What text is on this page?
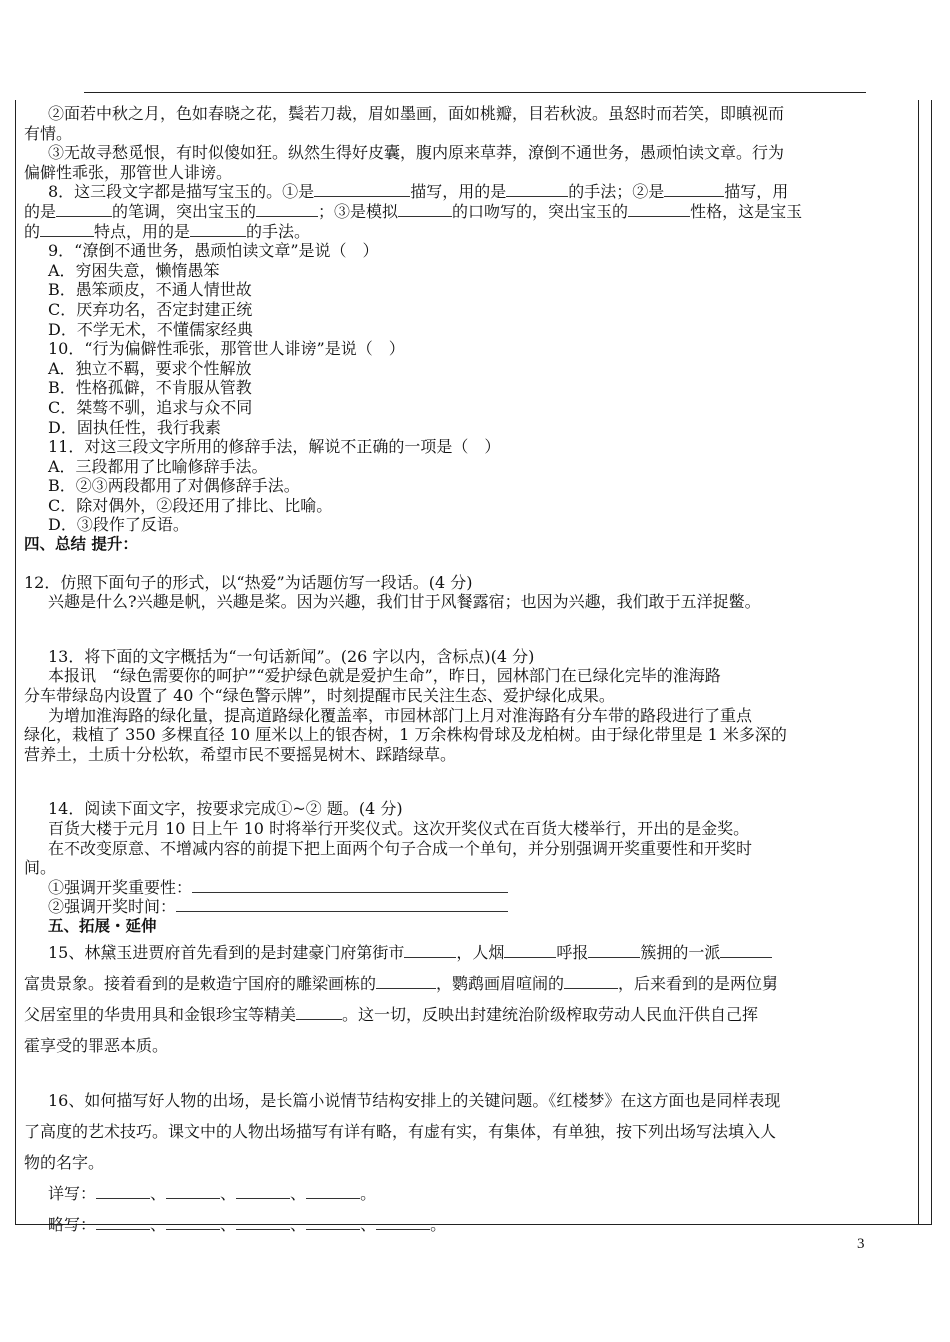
②面若中秋之月，色如春晓之花，鬓若刀裁，眉如墨画，面如桃瓣，目若秋波。虽怒时而若笑，即瞋视而

有情。

③无故寻愁觅恨，有时似傻如狂。纵然生得好皮囊，腹内原来草莽，潦倒不通世务，愚顽怕读文章。行为

偏僻性乖张，那管世人诽谤。

8．这三段文字都是描写宝玉的。①是	描写，用的是	的手法；②是	描写，用

的是	的笔调，突出宝玉的	；③是模拟	的口吻写的，突出宝玉的	性格，这是宝玉

的	特点，用的是	的手法。

9．“潦倒不通世务，愚顽怕读文章”是说（　）

A．穷困失意，懒惰愚笨

B．愚笨顽皮，不通人情世故

C．厌弃功名，否定封建正统

D．不学无术，不懂儒家经典

10．“行为偏僻性乖张，那管世人诽谤”是说（　）

A．独立不羁，要求个性解放

B．性格孤僻，不肯服从管教

C．桀骜不驯，追求与众不同

D．固执任性，我行我素

11．对这三段文字所用的修辞手法，解说不正确的一项是（　）

A．三段都用了比喻修辞手法。

B．②③两段都用了对偶修辞手法。

C．除对偶外，②段还用了排比、比喻。

D．③段作了反语。

四、总结 提升：

12．仿照下面句子的形式，以“热爱”为话题仿写一段话。(4 分)

兴趣是什么?兴趣是帆，兴趣是桨。因为兴趣，我们甘于风餐露宿；也因为兴趣，我们敢于五洋捉鳖。

13．将下面的文字概括为“一句话新闻”。(26 字以内，含标点)(4 分)

本报讯　“绿色需要你的呵护”“爱护绿色就是爱护生命”，昨日，园林部门在已绿化完毕的淮海路

分车带绿岛内设置了 40 个“绿色警示牌”，时刻提醒市民关注生态、爱护绿化成果。

为增加淮海路的绿化量，提高道路绿化覆盖率，市园林部门上月对淮海路有分车带的路段进行了重点

绿化，栽植了 350 多棵直径 10 厘米以上的银杏树，1 万余株构骨球及龙柏树。由于绿化带里是 1 米多深的

营养土，土质十分松软，希望市民不要摇晃树木、踩踏绿草。

14．阅读下面文字，按要求完成①~② 题。(4 分)

百货大楼于元月 10 日上午 10 时将举行开奖仪式。这次开奖仪式在百货大楼举行，开出的是金奖。

在不改变原意、不增减内容的前提下把上面两个句子合成一个单句，并分别强调开奖重要性和开奖时

间。

①强调开奖重要性：

②强调开奖时间：

五、拓展・延伸

15、林黛玉进贾府首先看到的是封建豪门府第街市	，人烟	呼报	簇拥的一派

富贵景象。接着看到的是敕造宁国府的雕梁画栋的	，鹦鹉画眉喧闹的	，后来看到的是两位舅

父居室里的华贵用具和金银珍宝等精美	。这一切，反映出封建统治阶级榨取劳动人民血汗供自己挥

霍享受的罪恶本质。

16、如何描写好人物的出场，是长篇小说情节结构安排上的关键问题。《红楼梦》在这方面也是同样表现

了高度的艺术技巧。课文中的人物出场描写有详有略，有虚有实，有集体，有单独，按下列出场写法填入人

物的名字。

详写：	、	、	、	。

略写：	、	、	、	、	。

3
